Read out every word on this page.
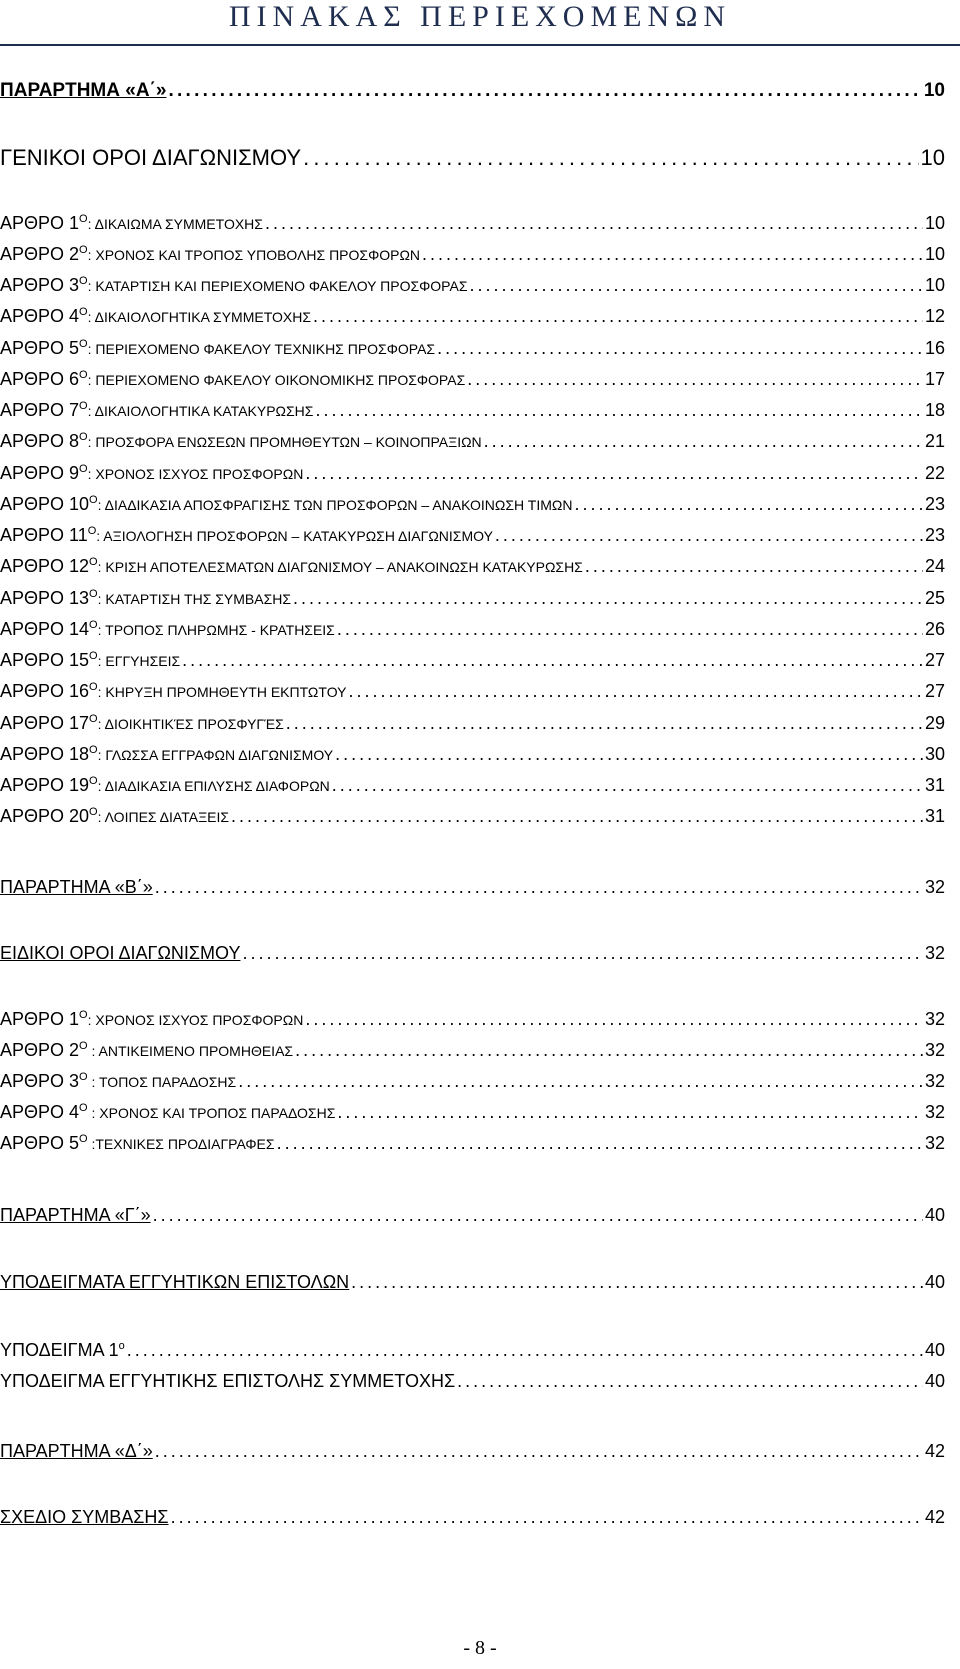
ΠΙΝΑΚΑΣ ΠΕΡΙΕΧΟΜΕΝΩΝ
ΠΑΡΑΡΤΗΜΑ «Α΄» . . .	10
ΓΕΝΙΚΟΙ ΟΡΟΙ ΔΙΑΓΩΝΙΣΜΟΥ . . .	10
ΑΡΘΡΟ $1^O$: ΔΙΚΑΙΩΜΑ ΣΥΜΜΕΤΟΧΗΣ . . .	10
ΑΡΘΡΟ $2^O$: ΧΡΟΝΟΣ ΚΑΙ ΤΡΟΠΟΣ ΥΠΟΒΟΛΗΣ ΠΡΟΣΦΟΡΩΝ . . .	10
ΑΡΘΡΟ $3^O$: ΚΑΤΑΡΤΙΣΗ ΚΑΙ ΠΕΡΙΕΧΟΜΕΝΟ ΦΑΚΕΛΟΥ ΠΡΟΣΦΟΡΑΣ . . .	10
ΑΡΘΡΟ $4^O$: ΔΙΚΑΙΟΛΟΓΗΤΙΚΑ ΣΥΜΜΕΤΟΧΗΣ . . .	12
ΑΡΘΡΟ $5^O$: ΠΕΡΙΕΧΟΜΕΝΟ ΦΑΚΕΛΟΥ ΤΕΧΝΙΚΗΣ ΠΡΟΣΦΟΡΑΣ . . .	16
ΑΡΘΡΟ $6^O$: ΠΕΡΙΕΧΟΜΕΝΟ ΦΑΚΕΛΟΥ ΟΙΚΟΝΟΜΙΚΗΣ ΠΡΟΣΦΟΡΑΣ . . .	17
ΑΡΘΡΟ $7^O$: ΔΙΚΑΙΟΛΟΓΗΤΙΚΑ ΚΑΤΑΚΥΡΩΣΗΣ . . .	18
ΑΡΘΡΟ $8^O$: ΠΡΟΣΦΟΡΑ ΕΝΩΣΕΩΝ ΠΡΟΜΗΘΕΥΤΩΝ – ΚΟΙΝΟΠΡΑΞΙΩΝ . . .	21
ΑΡΘΡΟ $9^O$: ΧΡΟΝΟΣ ΙΣΧΥΟΣ ΠΡΟΣΦΟΡΩΝ . . .	22
ΑΡΘΡΟ $10^O$: ΔΙΑΔΙΚΑΣΙΑ ΑΠΟΣΦΡΑΓΙΣΗΣ ΤΩΝ ΠΡΟΣΦΟΡΩΝ – ΑΝΑΚΟΙΝΩΣΗ ΤΙΜΩΝ . . .	23
ΑΡΘΡΟ $11^O$: ΑΞΙΟΛΟΓΗΣΗ ΠΡΟΣΦΟΡΩΝ – ΚΑΤΑΚΥΡΩΣΗ ΔΙΑΓΩΝΙΣΜΟΥ . . .	23
ΑΡΘΡΟ $12^O$: ΚΡΙΣΗ ΑΠΟΤΕΛΕΣΜΑΤΩΝ ΔΙΑΓΩΝΙΣΜΟΥ – ΑΝΑΚΟΙΝΩΣΗ ΚΑΤΑΚΥΡΩΣΗΣ . . .	24
ΑΡΘΡΟ $13^O$: ΚΑΤΑΡΤΙΣΗ ΤΗΣ ΣΥΜΒΑΣΗΣ . . .	25
ΑΡΘΡΟ $14^O$: ΤΡΟΠΟΣ ΠΛΗΡΩΜΗΣ - ΚΡΑΤΗΣΕΙΣ . . .	26
ΑΡΘΡΟ $15^O$: ΕΓΓΥΗΣΕΙΣ . . .	27
ΑΡΘΡΟ $16^O$: ΚΗΡΥΞΗ ΠΡΟΜΗΘΕΥΤΗ ΕΚΠΤΩΤΟΥ . . .	27
ΑΡΘΡΟ $17^O$: ΔΙΟΙΚΗΤΙΚΈΣ ΠΡΟΣΦΥΓΈΣ . . .	29
ΑΡΘΡΟ $18^O$: ΓΛΩΣΣΑ ΕΓΓΡΑΦΩΝ ΔΙΑΓΩΝΙΣΜΟΥ . . .	30
ΑΡΘΡΟ $19^O$: ΔΙΑΔΙΚΑΣΙΑ ΕΠΙΛΥΣΗΣ ΔΙΑΦΟΡΩΝ . . .	31
ΑΡΘΡΟ $20^O$: ΛΟΙΠΕΣ ΔΙΑΤΑΞΕΙΣ . . .	31
ΠΑΡΑΡΤΗΜΑ «Β΄» . . .	32
ΕΙΔΙΚΟΙ ΟΡΟΙ ΔΙΑΓΩΝΙΣΜΟΥ . . .	32
ΑΡΘΡΟ $1^O$: ΧΡΟΝΟΣ ΙΣΧΥΟΣ ΠΡΟΣΦΟΡΩΝ . . .	32
ΑΡΘΡΟ $2^O$ : ΑΝΤΙΚΕΙΜΕΝΟ ΠΡΟΜΗΘΕΙΑΣ . . .	32
ΑΡΘΡΟ $3^O$ : ΤΟΠΟΣ ΠΑΡΑΔΟΣΗΣ . . .	32
ΑΡΘΡΟ $4^O$ : ΧΡΟΝΟΣ ΚΑΙ ΤΡΟΠΟΣ ΠΑΡΑΔΟΣΗΣ . . .	32
ΑΡΘΡΟ $5^O$ :ΤΕΧΝΙΚΕΣ ΠΡΟΔΙΑΓΡΑΦΕΣ . . .	32
ΠΑΡΑΡΤΗΜΑ «Γ΄» . . .	40
ΥΠΟΔΕΙΓΜΑΤΑ ΕΓΓΥΗΤΙΚΩΝ ΕΠΙΣΤΟΛΩΝ . . .	40
ΥΠΟΔΕΙΓΜΑ $1^o$ . . .	40
ΥΠΟΔΕΙΓΜΑ ΕΓΓΥΗΤΙΚΗΣ ΕΠΙΣΤΟΛΗΣ ΣΥΜΜΕΤΟΧΗΣ . . .	40
ΠΑΡΑΡΤΗΜΑ «Δ΄» . . .	42
ΣΧΕΔΙΟ ΣΥΜΒΑΣΗΣ . . .	42
- 8 -
